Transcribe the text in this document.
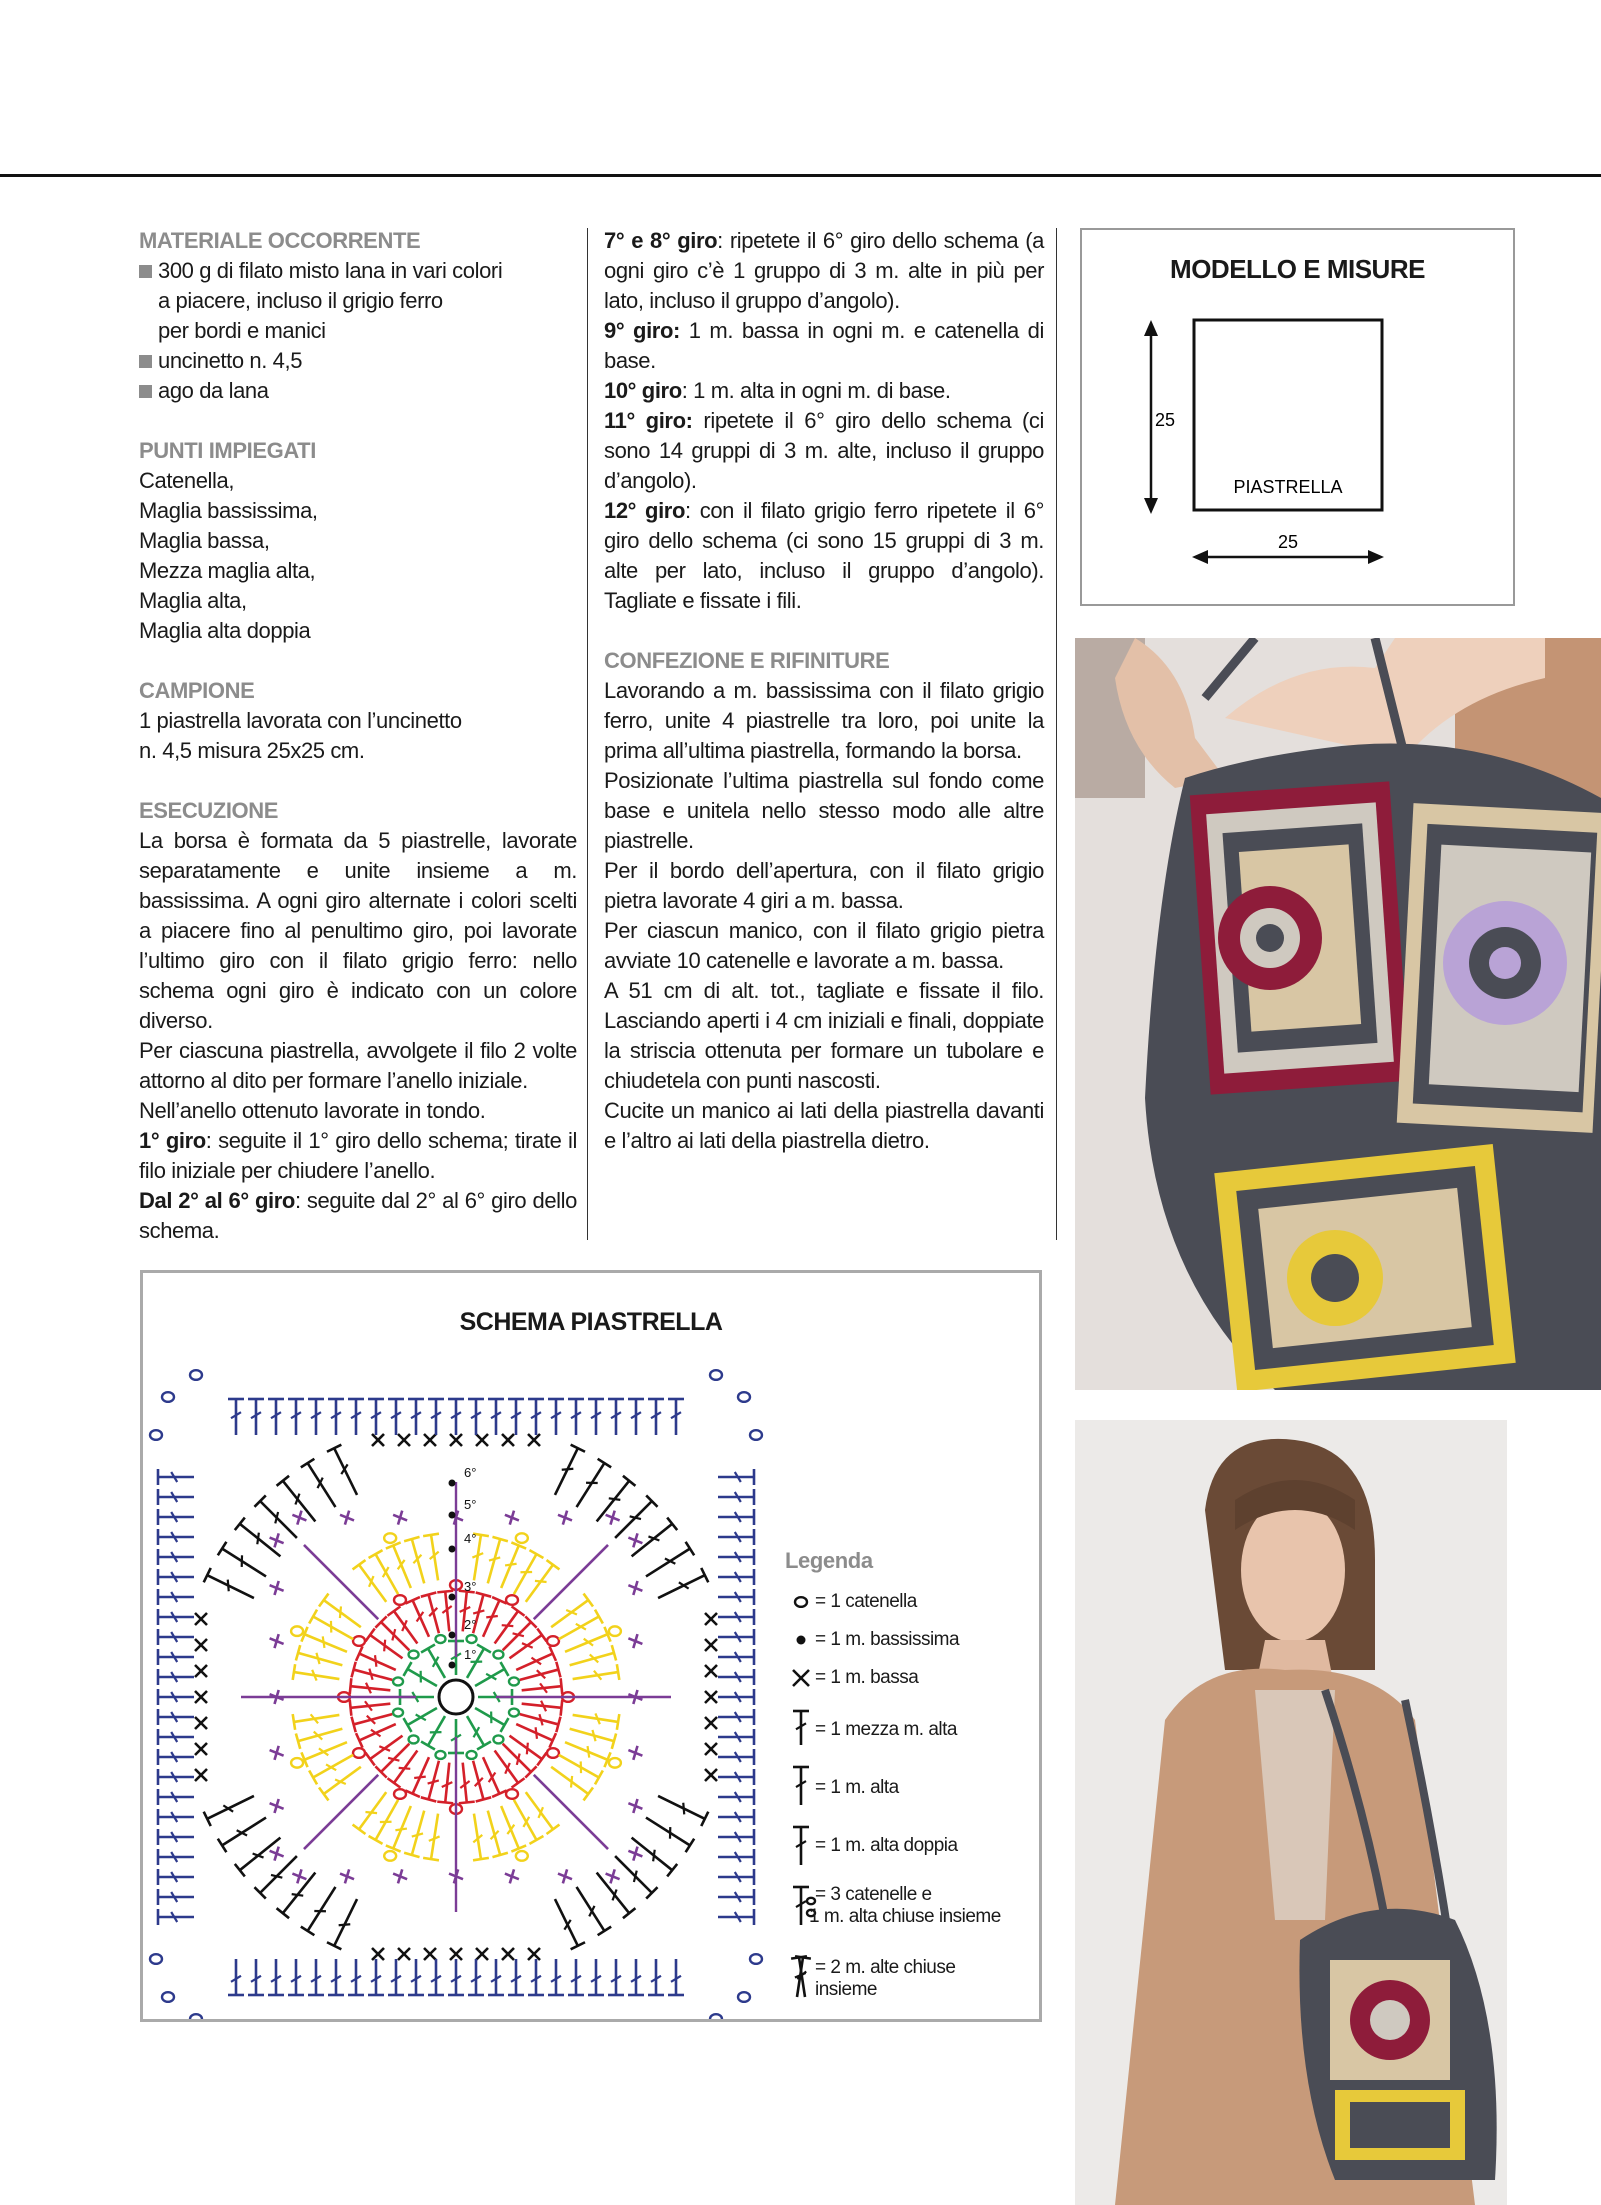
MATERIALE OCCORRENTE

300 g di filato misto lana in vari colori

a piacere, incluso il grigio ferro

per bordi e manici

uncinetto n. 4,5

ago da lana

PUNTI IMPIEGATI

Catenella,

Maglia bassissima,

Maglia bassa,

Mezza maglia alta,

Maglia alta,

Maglia alta doppia

CAMPIONE

1 piastrella lavorata con l’uncinetto

n. 4,5 misura 25x25 cm.

ESECUZIONE

La borsa è formata da 5 piastrelle, lavorate separatamente e unite insieme a m. bassissima. A ogni giro alternate i colori scelti a piacere fino al penultimo giro, poi lavorate l’ultimo giro con il filato grigio ferro: nello schema ogni giro è indicato con un colore diverso.

Per ciascuna piastrella, avvolgete il filo 2 volte attorno al dito per formare l’anello iniziale.

Nell’anello ottenuto lavorate in tondo.

1° giro: seguite il 1° giro dello schema; tirate il filo iniziale per chiudere l’anello.

Dal 2° al 6° giro: seguite dal 2° al 6° giro dello schema.

7° e 8° giro: ripetete il 6° giro dello schema (a ogni giro c’è 1 gruppo di 3 m. alte in più per lato, incluso il gruppo d’angolo).

9° giro: 1 m. bassa in ogni m. e catenella di base.

10° giro: 1 m. alta in ogni m. di base.

11° giro: ripetete il 6° giro dello schema (ci sono 14 gruppi di 3 m. alte, incluso il gruppo d’angolo).

12° giro: con il filato grigio ferro ripetete il 6° giro dello schema (ci sono 15 gruppi di 3 m. alte per lato, incluso il gruppo d’angolo). Tagliate e fissate i fili.

CONFEZIONE E RIFINITURE

Lavorando a m. bassissima con il filato grigio ferro, unite 4 piastrelle tra loro, poi unite la prima all’ultima piastrella, formando la borsa.

Posizionate l’ultima piastrella sul fondo come base e unitela nello stesso modo alle altre piastrelle.

Per il bordo dell’apertura, con il filato grigio pietra lavorate 4 giri a m. bassa.

Per ciascun manico, con il filato grigio pietra avviate 10 catenelle e lavorate a m. bassa.

A 51 cm di alt. tot., tagliate e fissate il filo. Lasciando aperti i 4 cm iniziali e finali, doppiate la striscia ottenuta per formare un tubolare e chiudetela con punti nascosti.

Cucite un manico ai lati della piastrella davanti e l’altro ai lati della piastrella dietro.

MODELLO E MISURE
25
25
PIASTRELLA
SCHEMA PIASTRELLA
1°
2°
3°
4°
5°
6°
Legenda
= 1 catenella
= 1 m. bassissima
= 1 m. bassa
= 1 mezza m. alta
= 1 m. alta
= 1 m. alta doppia
= 3 catenelle e
1 m. alta chiuse insieme
= 2 m. alte chiuse
insieme
